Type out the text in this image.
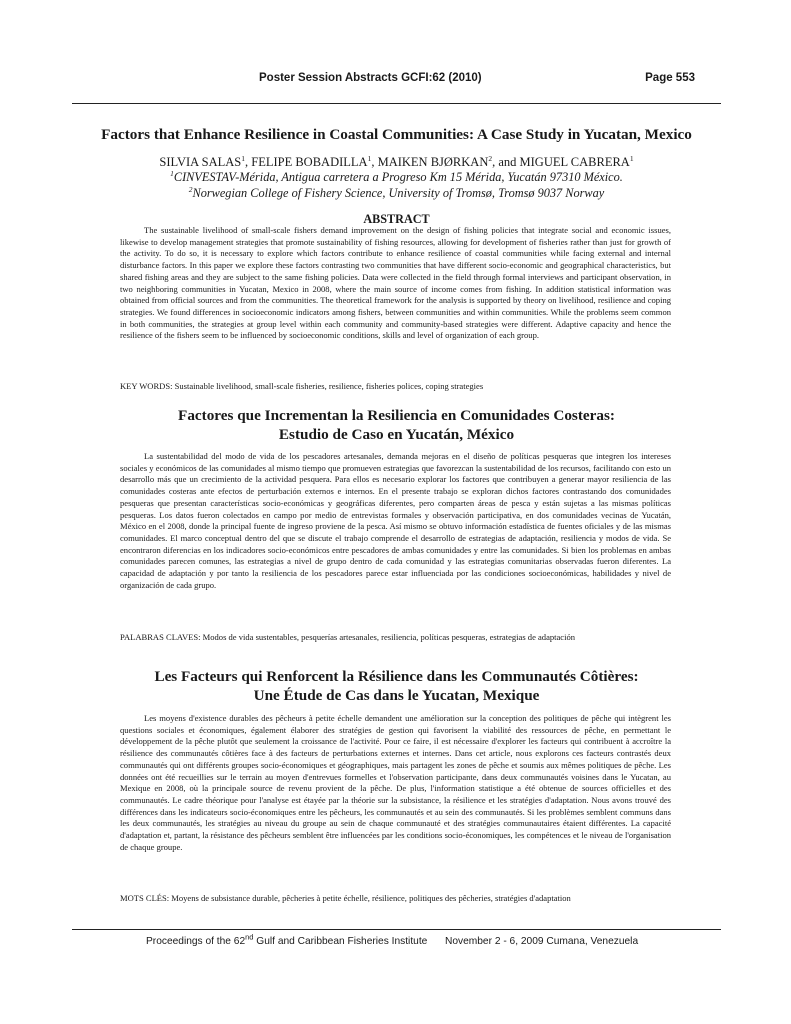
Poster Session Abstracts GCFI:62 (2010)	Page 553
Factors that Enhance Resilience in Coastal Communities: A Case Study in Yucatan, Mexico
SILVIA SALAS$^1$, FELIPE BOBADILLA$^1$, MAIKEN BJØRKAN$^2$, and MIGUEL CABRERA$^1$
$^1$CINVESTAV-Mérida, Antigua carretera a Progreso Km 15 Mérida, Yucatán 97310 México.
$^2$Norwegian College of Fishery Science, University of Tromsø, Tromsø 9037 Norway
ABSTRACT

The sustainable livelihood of small-scale fishers demand improvement on the design of fishing policies that integrate social and economic issues, likewise to develop management strategies that promote sustainability of fishing resources, allowing for development of fisheries rather than just for growth of the activity. To do so, it is necessary to explore which factors contribute to enhance resilience of coastal communities while facing external and internal disturbance factors. In this paper we explore these factors contrasting two communities that have different socio-economic and geographical characteristics, but shared fishing areas and they are subject to the same fishing policies. Data were collected in the field through formal interviews and participant observation, in two neighboring communities in Yucatan, Mexico in 2008, where the main source of income comes from fishing. In addition statistical information was obtained from official sources and from the communities. The theoretical framework for the analysis is supported by theory on livelihood, resilience and coping strategies. We found differences in socioeconomic indicators among fishers, between communities and within communities. While the problems seem common in both communities, the strategies at group level within each community and community-based strategies were different. Adaptive capacity and hence the resilience of the fishers seem to be influenced by socioeconomic conditions, skills and level of organization of each group.

KEY WORDS: Sustainable livelihood, small-scale fisheries, resilience, fisheries polices, coping strategies

Factores que Incrementan la Resiliencia en Comunidades Costeras:
Estudio de Caso en Yucatán, México

La sustentabilidad del modo de vida de los pescadores artesanales, demanda mejoras en el diseño de políticas pesqueras que integren los intereses sociales y económicos de las comunidades al mismo tiempo que promueven estrategias que favorezcan la sustentabilidad de los recursos, facilitando con esto un desarrollo más que un crecimiento de la actividad pesquera. Para ellos es necesario explorar los factores que contribuyen a generar mayor resiliencia de las comunidades costeras ante efectos de perturbación externos e internos. En el presente trabajo se exploran dichos factores contrastando dos comunidades pesqueras que presentan características socio-económicas y geográficas diferentes, pero comparten áreas de pesca y están sujetas a las mismas políticas pesqueras. Los datos fueron colectados en campo por medio de entrevistas formales y observación participativa, en dos comunidades vecinas de Yucatán, México en el 2008, donde la principal fuente de ingreso proviene de la pesca. Así mismo se obtuvo información estadística de fuentes oficiales y de las mismas comunidades. El marco conceptual dentro del que se discute el trabajo comprende el desarrollo de estrategias de adaptación, resiliencia y modos de vida. Se encontraron diferencias en los indicadores socio-económicos entre pescadores de ambas comunidades y entre las comunidades. Si bien los problemas en ambas comunidades parecen comunes, las estrategias a nivel de grupo dentro de cada comunidad y las estrategias comunitarias observadas fueron diferentes. La capacidad de adaptación y por tanto la resiliencia de los pescadores parece estar influenciada por las condiciones socioeconómicas, habilidades y nivel de organización de cada grupo.

PALABRAS CLAVES: Modos de vida sustentables, pesquerías artesanales, resiliencia, políticas pesqueras, estrategias de adaptación

Les Facteurs qui Renforcent la Résilience dans les Communautés Côtières:
Une Étude de Cas dans le Yucatan, Mexique

Les moyens d'existence durables des pêcheurs à petite échelle demandent une amélioration sur la conception des politiques de pêche qui intègrent les questions sociales et économiques, également élaborer des stratégies de gestion qui favorisent la viabilité des ressources de pêche, en permettant le développement de la pêche plutôt que seulement la croissance de l'activité. Pour ce faire, il est nécessaire d'explorer les facteurs qui contribuent à accroître la résilience des communautés côtières face à des facteurs de perturbations externes et internes. Dans cet article, nous explorons ces facteurs contrastés deux communautés qui ont différents groupes socio-économiques et géographiques, mais partagent les zones de pêche et soumis aux mêmes politiques de pêche. Les données ont été recueillies sur le terrain au moyen d'entrevues formelles et l'observation participante, dans deux communautés voisines dans le Yucatan, au Mexique en 2008, où la principale source de revenu provient de la pêche. De plus, l'information statistique a été obtenue de sources officielles et des communautés. Le cadre théorique pour l'analyse est étayée par la théorie sur la subsistance, la résilience et les stratégies d'adaptation. Nous avons trouvé des différences dans les indicateurs socio-économiques entre les pêcheurs, les communautés et au sein des communautés. Si les problèmes semblent communs dans les deux communautés, les stratégies au niveau du groupe au sein de chaque communauté et des stratégies communautaires étaient différentes. La capacité d'adaptation et, partant, la résistance des pêcheurs semblent être influencées par les conditions socio-économiques, les compétences et le niveau de l'organisation de chaque groupe.

MOTS CLÉS: Moyens de subsistance durable, pêcheries à petite échelle, résilience, politiques des pêcheries, stratégies d'adaptation

Proceedings of the 62nd Gulf and Caribbean Fisheries Institute November 2 - 6, 2009 Cumana, Venezuela
